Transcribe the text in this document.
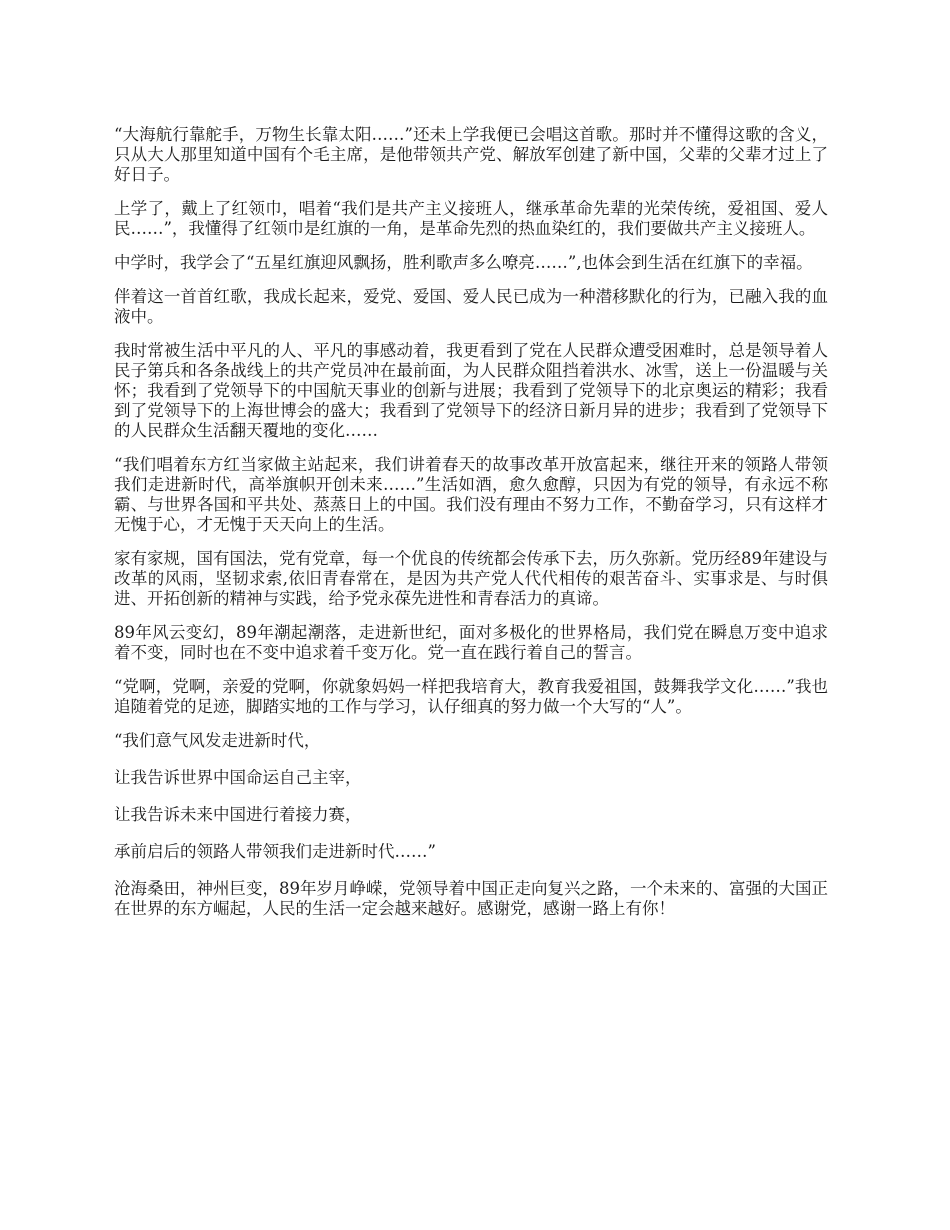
“大海航行靠舵手，万物生长靠太阳……”还未上学我便已会唱这首歌。那时并不懂得这歌的含义，只从大人那里知道中国有个毛主席，是他带领共产党、解放军创建了新中国，父辈的父辈才过上了好日子。

上学了，戴上了红领巾，唱着“我们是共产主义接班人，继承革命先辈的光荣传统，爱祖国、爱人民……”，我懂得了红领巾是红旗的一角，是革命先烈的热血染红的，我们要做共产主义接班人。

中学时，我学会了“五星红旗迎风飘扬，胜利歌声多么嘹亮……”,也体会到生活在红旗下的幸福。

伴着这一首首红歌，我成长起来，爱党、爱国、爱人民已成为一种潜移默化的行为，已融入我的血液中。

我时常被生活中平凡的人、平凡的事感动着，我更看到了党在人民群众遭受困难时，总是领导着人民子第兵和各条战线上的共产党员冲在最前面，为人民群众阻挡着洪水、冰雪，送上一份温暖与关怀；我看到了党领导下的中国航天事业的创新与进展；我看到了党领导下的北京奥运的精彩；我看到了党领导下的上海世博会的盛大；我看到了党领导下的经济日新月异的进步；我看到了党领导下的人民群众生活翻天覆地的变化……

“我们唱着东方红当家做主站起来，我们讲着春天的故事改革开放富起来，继往开来的领路人带领我们走进新时代，高举旗帜开创未来……”生活如酒，愈久愈醇，只因为有党的领导，有永远不称霸、与世界各国和平共处、蒸蒸日上的中国。我们没有理由不努力工作，不勤奋学习，只有这样才无愧于心，才无愧于天天向上的生活。

家有家规，国有国法，党有党章，每一个优良的传统都会传承下去，历久弥新。党历经89年建设与改革的风雨，坚韧求索,依旧青春常在，是因为共产党人代代相传的艰苦奋斗、实事求是、与时俱进、开拓创新的精神与实践，给予党永葆先进性和青春活力的真谛。

89年风云变幻，89年潮起潮落，走进新世纪，面对多极化的世界格局，我们党在瞬息万变中追求着不变，同时也在不变中追求着千变万化。党一直在践行着自己的誓言。

“党啊，党啊，亲爱的党啊，你就象妈妈一样把我培育大，教育我爱祖国，鼓舞我学文化……”我也追随着党的足迹，脚踏实地的工作与学习，认仔细真的努力做一个大写的“人”。

“我们意气风发走进新时代，

让我告诉世界中国命运自己主宰，

让我告诉未来中国进行着接力赛，

承前启后的领路人带领我们走进新时代……”

沧海桑田，神州巨变，89年岁月峥嵘，党领导着中国正走向复兴之路，一个未来的、富强的大国正在世界的东方崛起，人民的生活一定会越来越好。感谢党，感谢一路上有你！
